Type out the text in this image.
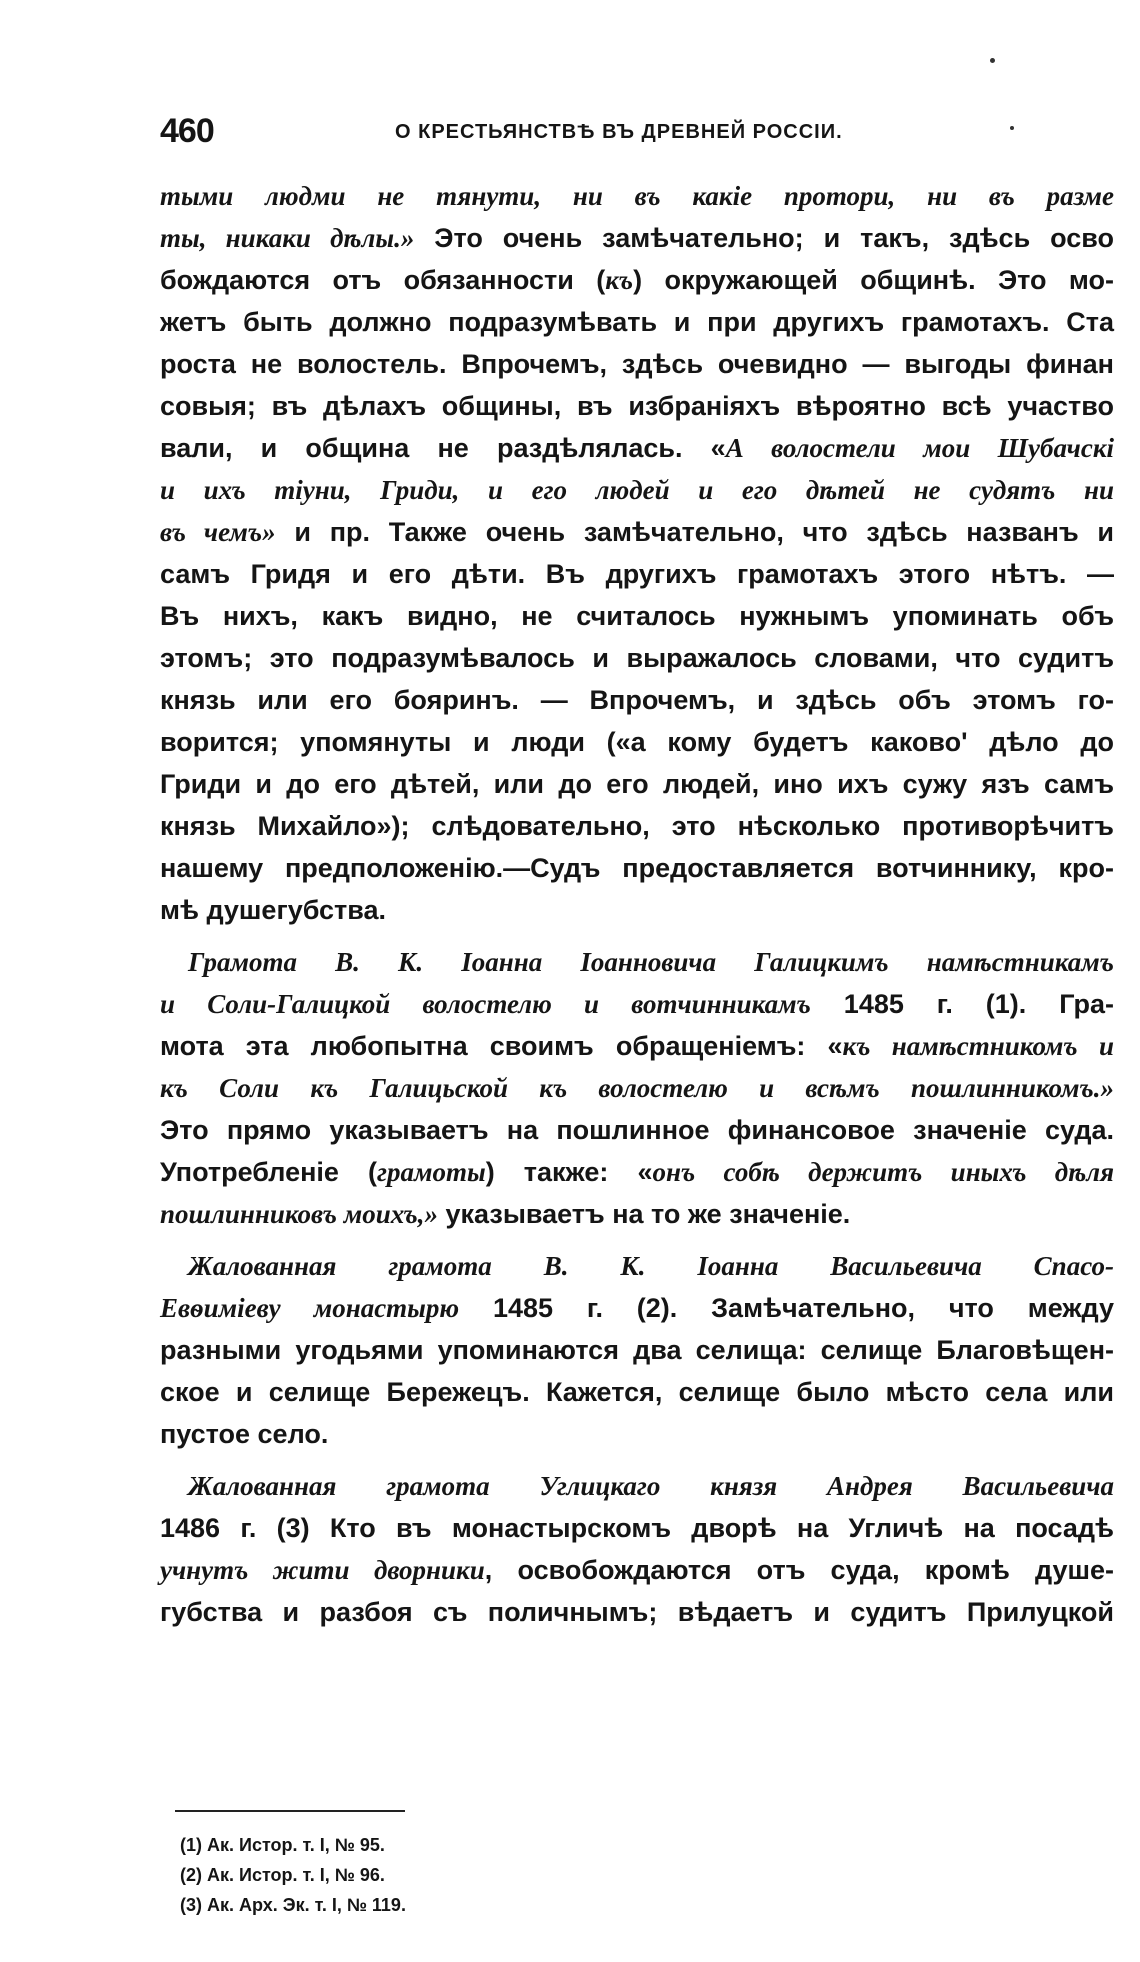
460	О КРЕСТЬЯНСТВѢ ВЪ ДРЕВНЕЙ РОССІИ.
тыми людми не тянути, ни въ какіе протори, ни въ разме
ты, никаки дѣлы.» Это очень замѣчательно; и такъ, здѣсь осво
бождаются отъ обязанности (къ) окружающей общинѣ. Это мо-
жетъ быть должно подразумѣвать и при другихъ грамотахъ. Ста
роста не волостель. Впрочемъ, здѣсь очевидно — выгоды финан
совыя; въ дѣлахъ общины, въ избраніяхъ вѣроятно всѣ участво
вали, и община не раздѣлялась. «А волостели мои Шубачскі
и ихъ тіуни, Гриди, и его людей и его дѣтей не судятъ ни
въ чемъ» и пр. Также очень замѣчательно, что здѣсь названъ и
самъ Гридя и его дѣти. Въ другихъ грамотахъ этого нѣтъ. —
Въ нихъ, какъ видно, не считалось нужнымъ упоминать объ
этомъ; это подразумѣвалось и выражалось словами, что судитъ
князь или его бояринъ. — Впрочемъ, и здѣсь объ этомъ го-
ворится; упомянуты и люди («а кому будетъ каково' дѣло до
Гриди и до его дѣтей, или до его людей, ино ихъ сужу язъ самъ
князь Михайло»); слѣдовательно, это нѣсколько противорѣчитъ
нашему предположенію.—Судъ предоставляется вотчиннику, кро-
мѣ душегубства.
Грамота В. К. Іоанна Іоанновича Галицкимъ намѣстникамъ
и Соли-Галицкой волостелю и вотчинникамъ 1485 г. (1). Гра-
мота эта любопытна своимъ обращеніемъ: «къ намѣстникомъ и
къ Соли къ Галицьской къ волостелю и всѣмъ пошлинникомъ.»
Это прямо указываетъ на пошлинное финансовое значеніе суда.
Употребленіе (грамоты) также: «онъ собѣ держитъ иныхъ дѣля
пошлинниковъ моихъ,» указываетъ на то же значеніе.
Жалованная грамота В. К. Іоанна Васильевича Спасо-
Евѳиміеву монастырю 1485 г. (2). Замѣчательно, что между
разными угодьями упоминаются два селища: селище Благовѣщен-
ское и селище Бережецъ. Кажется, селище было мѣсто села или
пустое село.
Жалованная грамота Углицкаго князя Андрея Васильевича
1486 г. (3) Кто въ монастырскомъ дворѣ на Угличѣ на посадѣ
учнутъ жити дворники, освобождаются отъ суда, кромѣ душе-
губства и разбоя съ поличнымъ; вѣдаетъ и судитъ Прилуцкой
(1) Ак. Истор. т. I, № 95.
(2) Ак. Истор. т. I, № 96.
(3) Ак. Арх. Эк. т. I, № 119.
